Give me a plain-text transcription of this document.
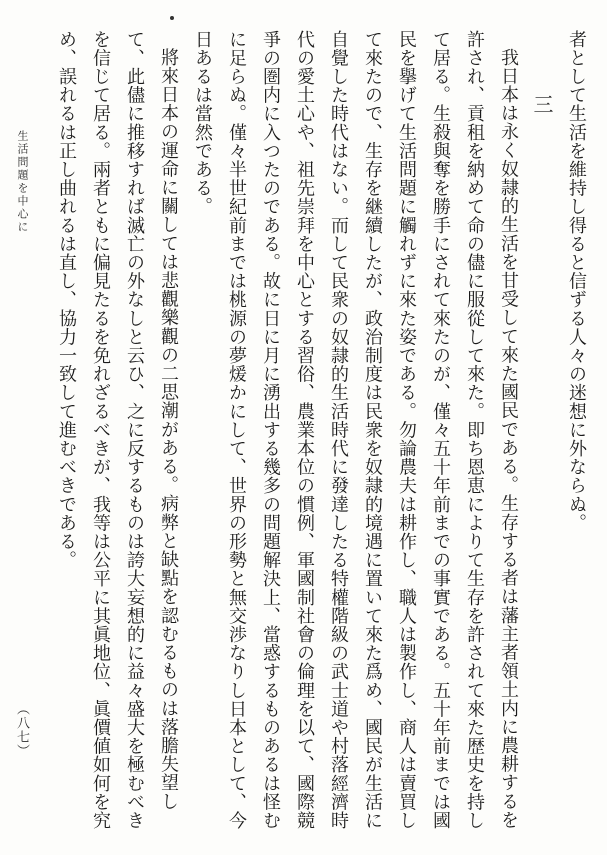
者として生活を維持し得ると信ずる人々の迷想に外ならぬ。

三

我日本は永く奴隷的生活を甘受して來た國民である。生存する者は藩主者領土内に農耕するを許され、貢租を納めて命の儘に服從して來た。即ち恩恵によりて生存を許されて來た歴史を持して居る。生殺與奪を勝手にされて來たのが、僅々五十年前までの事實である。五十年前までは國民を擧げて生活問題に觸れずに來た姿である。勿論農夫は耕作し、職人は製作し、商人は賣買して來たので、生存を継續したが、政治制度は民衆を奴隷的境遇に置いて來た爲め、國民が生活に自覺した時代はない。而して民衆の奴隷的生活時代に發達したる特權階級の武士道や村落經濟時代の愛土心や、祖先崇拜を中心とする習俗、農業本位の慣例、軍國制社會の倫理を以て、國際競爭の圏内に入つたのである。故に日に月に湧出する幾多の問題解決上、當惑するものあるは怪むに足らぬ。僅々半世紀前までは桃源の夢煖かにして、世界の形勢と無交渉なりし日本として、今日あるは當然である。

將來日本の運命に關しては悲觀樂觀の二思潮がある。病弊と缺點を認むるものは落膽失望して、此儘に推移すれば滅亡の外なしと云ひ、之に反するものは誇大妄想的に益々盛大を極むべきを信じて居る。兩者ともに偏見たるを免れざるべきが、我等は公平に其眞地位、眞價値如何を究め、誤れるは正し曲れるは直し、協力一致して進むべきである。

生活問題を中心に
（八七）
